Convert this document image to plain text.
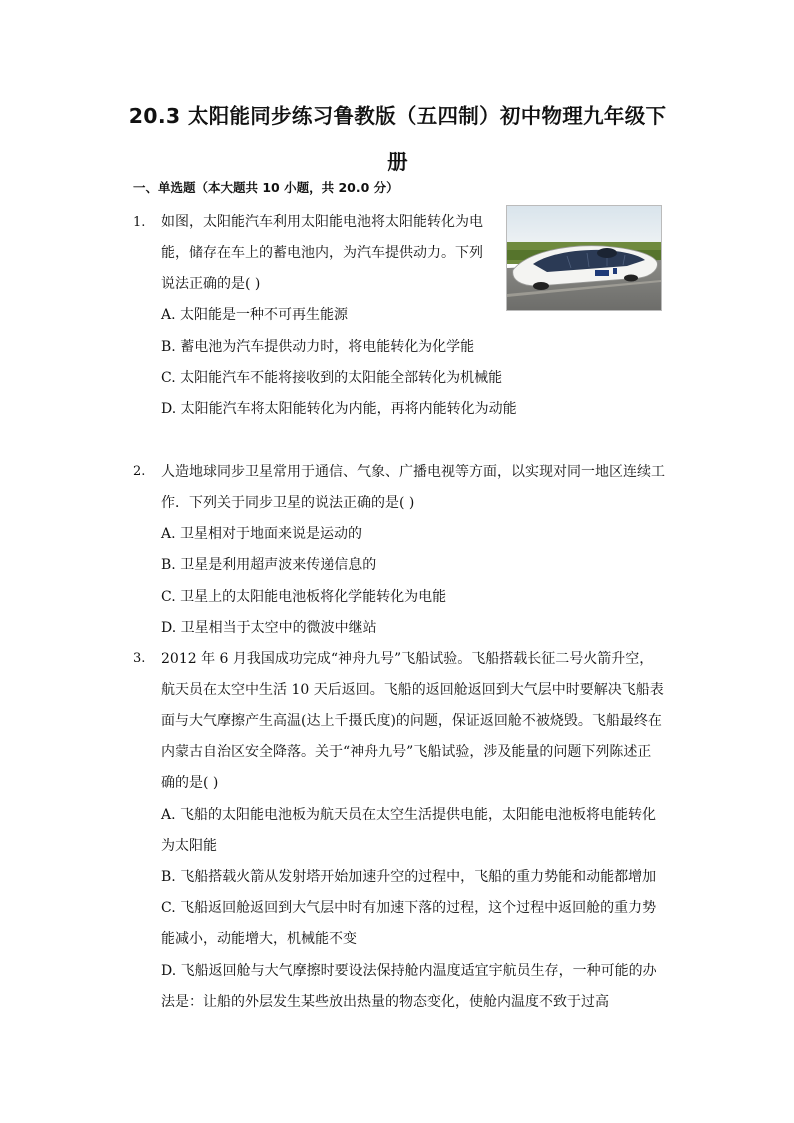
20.3 太阳能同步练习鲁教版（五四制）初中物理九年级下
册
一、单选题（本大题共 10 小题，共 20.0 分）
1. 如图，太阳能汽车利用太阳能电池将太阳能转化为电
能，储存在车上的蓄电池内，为汽车提供动力。下列
说法正确的是( )
A. 太阳能是一种不可再生能源
B. 蓄电池为汽车提供动力时，将电能转化为化学能
C. 太阳能汽车不能将接收到的太阳能全部转化为机械能
D. 太阳能汽车将太阳能转化为内能，再将内能转化为动能
2. 人造地球同步卫星常用于通信、气象、广播电视等方面，以实现对同一地区连续工
作．下列关于同步卫星的说法正确的是( )
A. 卫星相对于地面来说是运动的
B. 卫星是利用超声波来传递信息的
C. 卫星上的太阳能电池板将化学能转化为电能
D. 卫星相当于太空中的微波中继站
3. 2012 年 6 月我国成功完成“神舟九号”飞船试验。飞船搭载长征二号火箭升空，
航天员在太空中生活 10 天后返回。飞船的返回舱返回到大气层中时要解决飞船表
面与大气摩擦产生高温(达上千摄氏度)的问题，保证返回舱不被烧毁。飞船最终在
内蒙古自治区安全降落。关于“神舟九号”飞船试验，涉及能量的问题下列陈述正
确的是( )
A. 飞船的太阳能电池板为航天员在太空生活提供电能，太阳能电池板将电能转化
为太阳能
B. 飞船搭载火箭从发射塔开始加速升空的过程中，飞船的重力势能和动能都增加
C. 飞船返回舱返回到大气层中时有加速下落的过程，这个过程中返回舱的重力势
能减小，动能增大，机械能不变
D. 飞船返回舱与大气摩擦时要设法保持舱内温度适宜宇航员生存，一种可能的办
法是：让船的外层发生某些放出热量的物态变化，使舱内温度不致于过高
